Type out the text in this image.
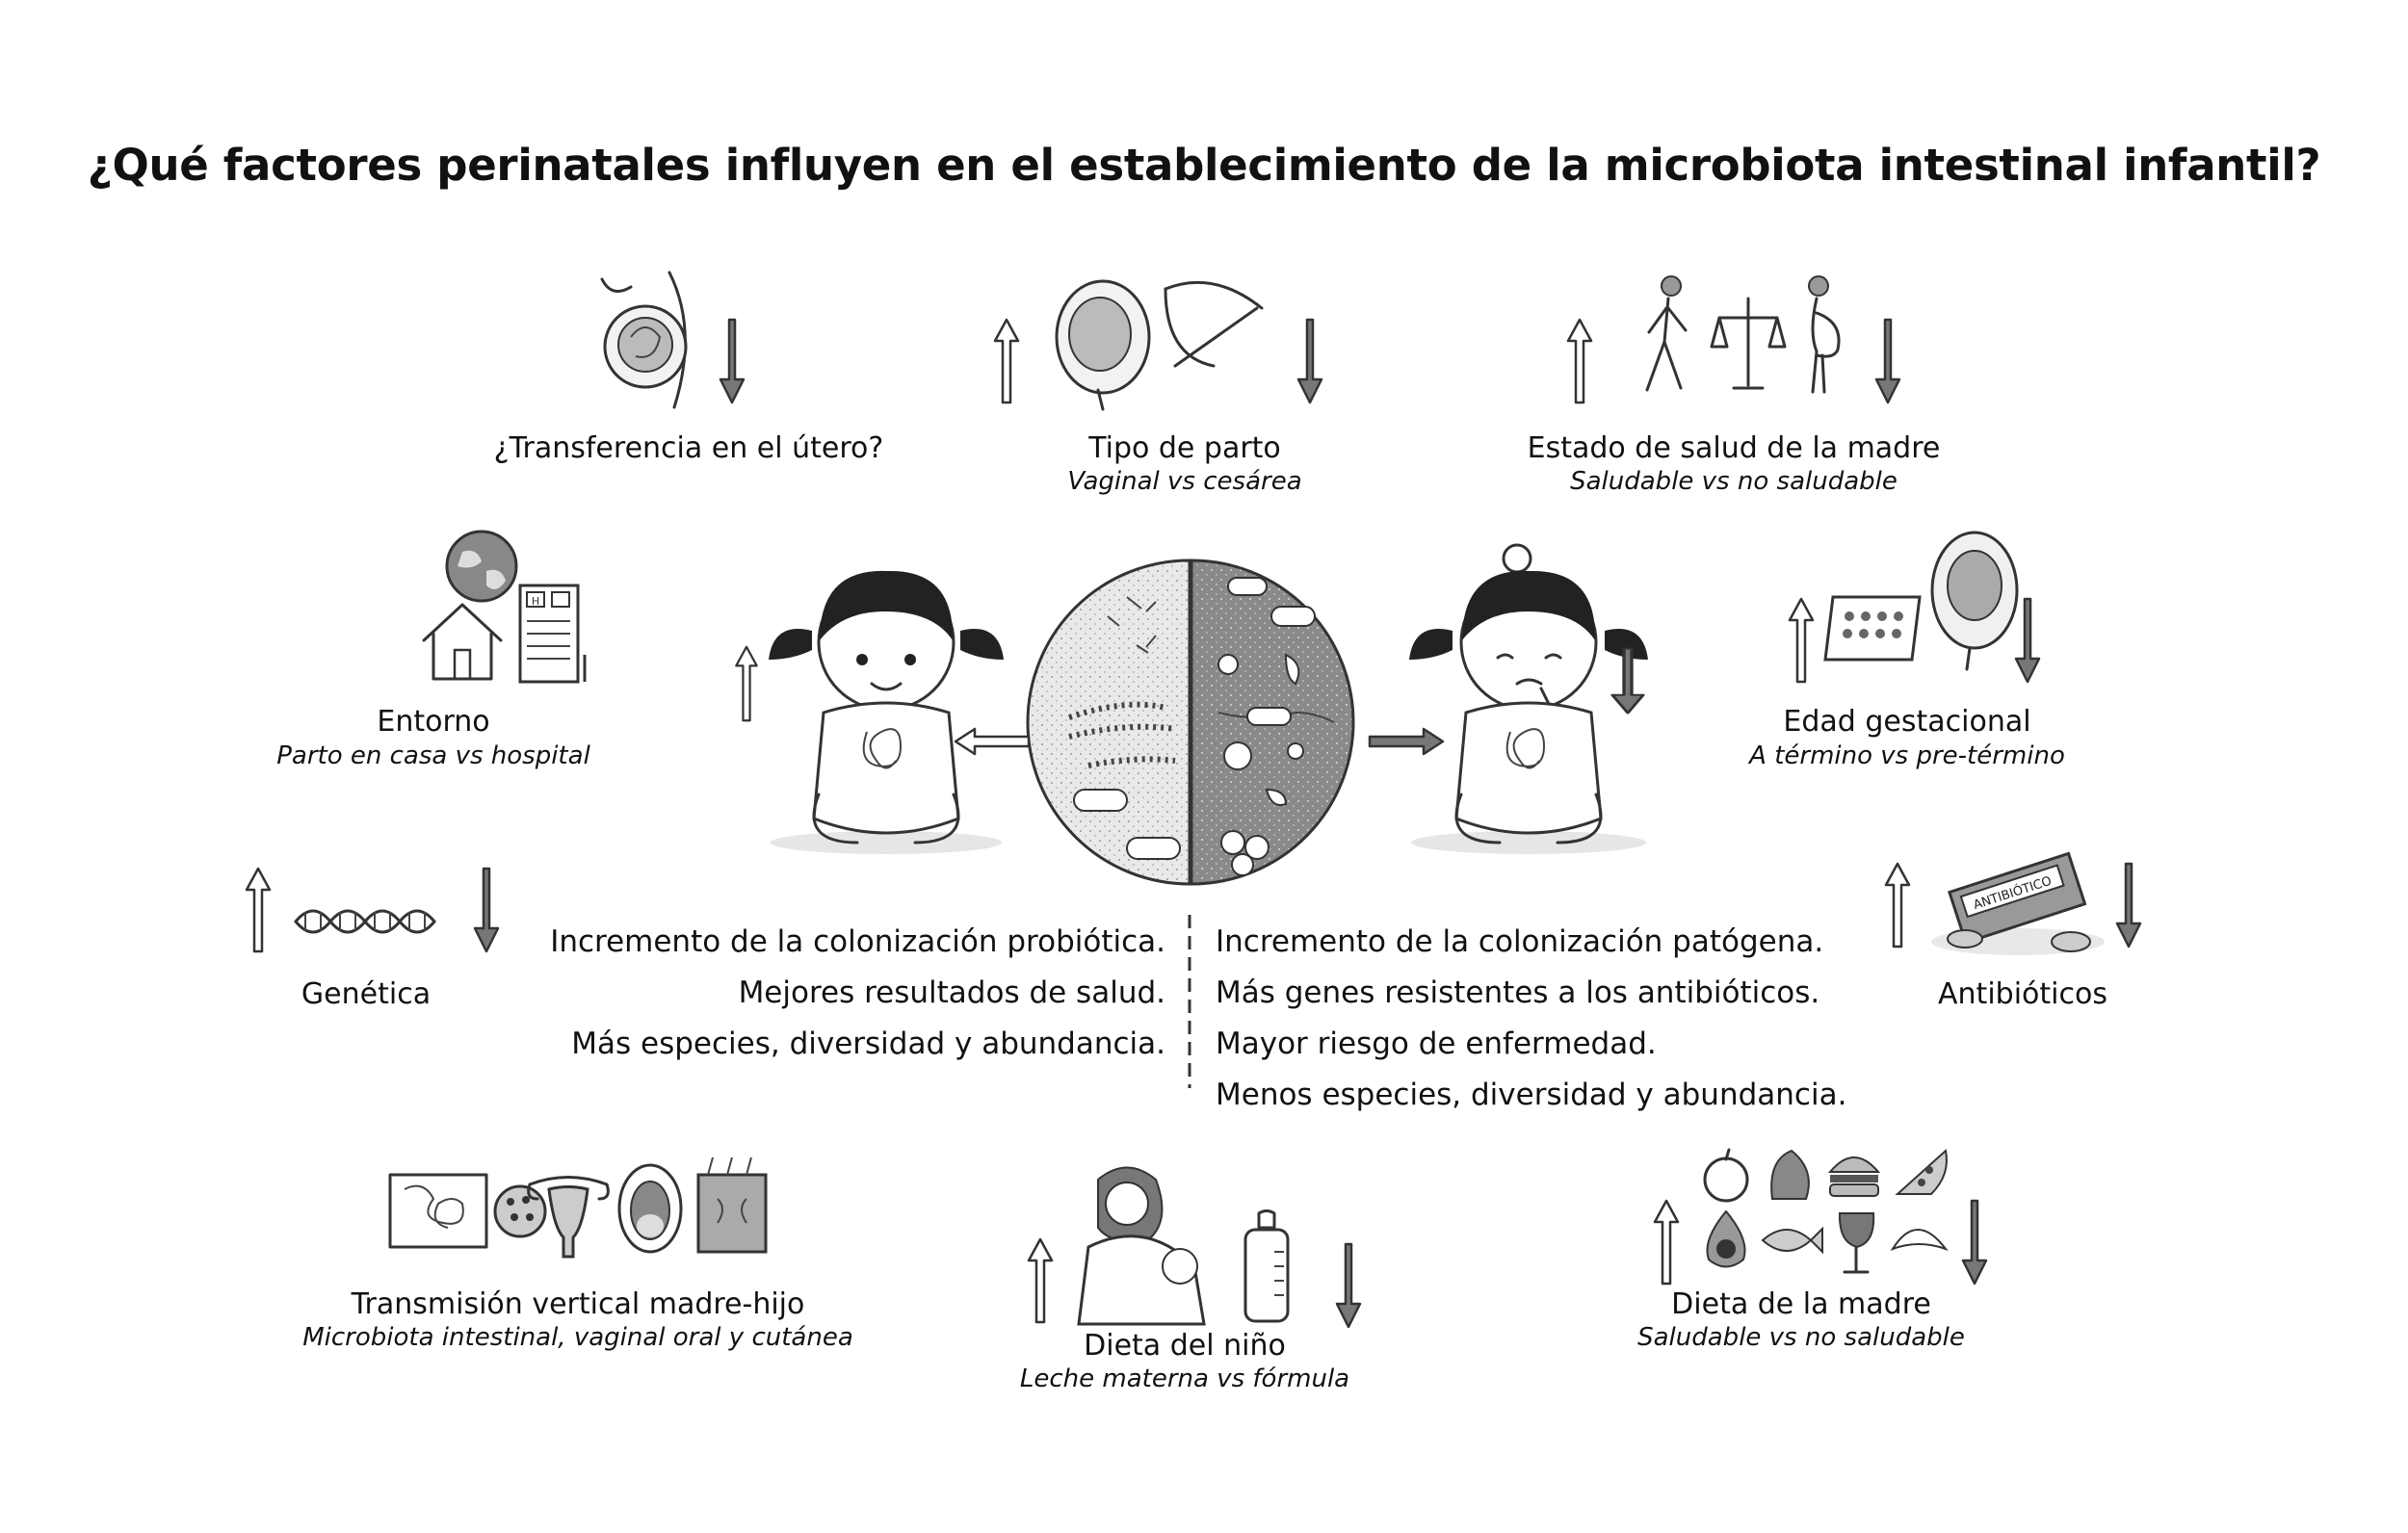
¿Qué factores perinatales influyen en el establecimiento de la microbiota intestinal infantil?
¿Transferencia en el útero?	Tipo de parto
Vaginal vs cesárea
Estado de salud de la madre
Saludable vs no saludable
H
Entorno
Parto en casa vs hospital
Edad gestacional
A término vs pre-término
Genética
ANTIBIÓTICO
Antibióticos
Incremento de la colonización probiótica.
Mejores resultados de salud.
Más especies, diversidad y abundancia.
Incremento de la colonización patógena.
Más genes resistentes a los antibióticos.
Mayor riesgo de enfermedad.
Menos especies, diversidad y abundancia.
Transmisión vertical madre-hijo
Microbiota intestinal, vaginal oral y cutánea	Dieta del niño
Leche materna vs fórmula
Dieta de la madre
Saludable vs no saludable
